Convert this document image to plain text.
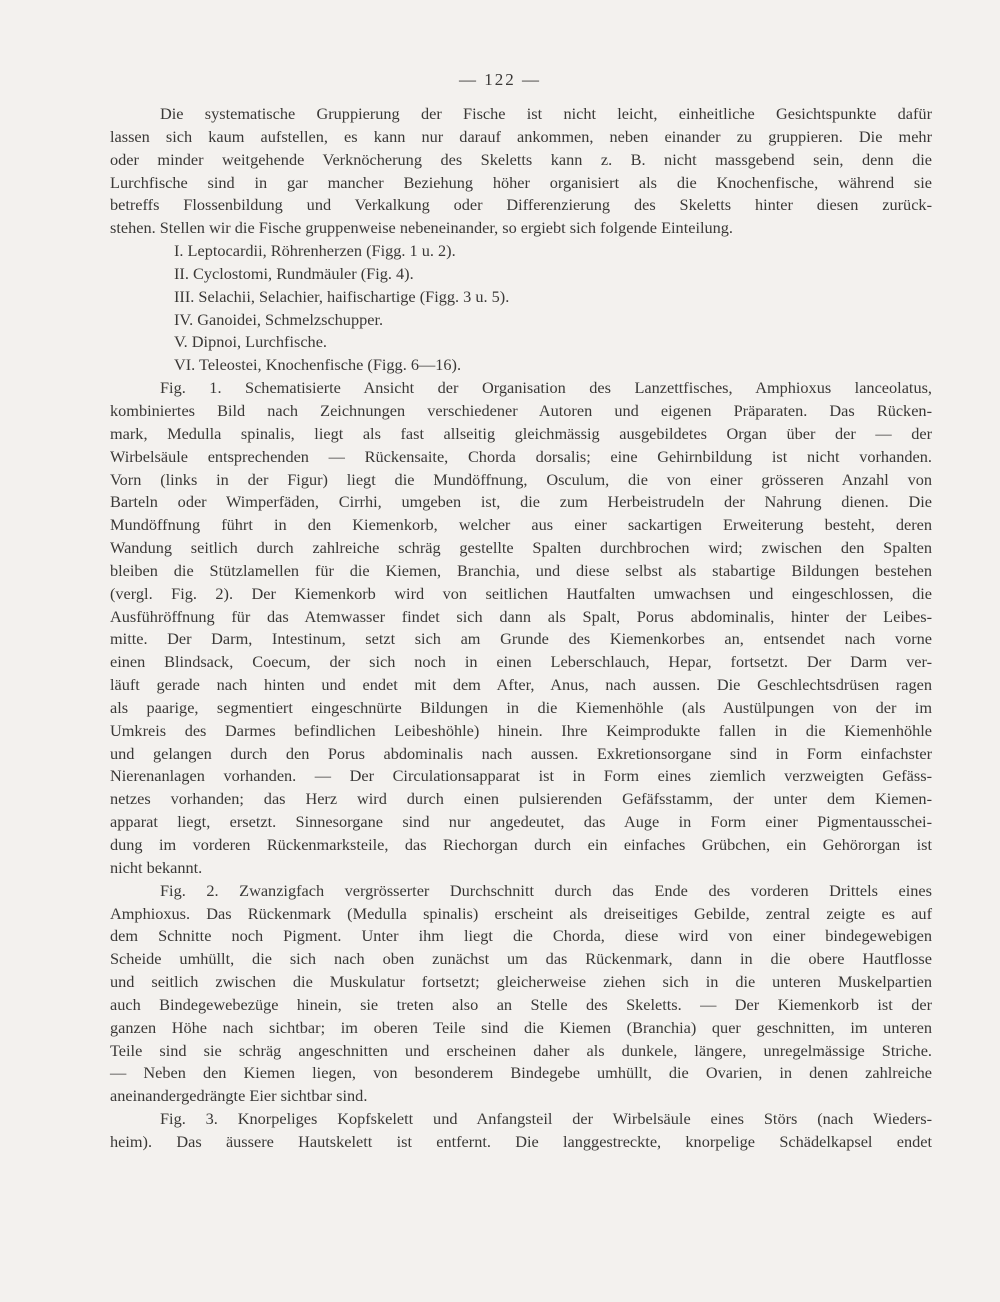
— 122 —
Die systematische Gruppierung der Fische ist nicht leicht, einheitliche Gesichtspunkte dafür
lassen sich kaum aufstellen, es kann nur darauf ankommen, neben einander zu gruppieren. Die mehr
oder minder weitgehende Verknöcherung des Skeletts kann z. B. nicht massgebend sein, denn die
Lurchfische sind in gar mancher Beziehung höher organisiert als die Knochenfische, während sie
betreffs Flossenbildung und Verkalkung oder Differenzierung des Skeletts hinter diesen zurück-
stehen. Stellen wir die Fische gruppenweise nebeneinander, so ergiebt sich folgende Einteilung.
I. Leptocardii, Röhrenherzen (Figg. 1 u. 2).
II. Cyclostomi, Rundmäuler (Fig. 4).
III. Selachii, Selachier, haifischartige (Figg. 3 u. 5).
IV. Ganoidei, Schmelzschupper.
V. Dipnoi, Lurchfische.
VI. Teleostei, Knochenfische (Figg. 6—16).
Fig. 1. Schematisierte Ansicht der Organisation des Lanzettfisches, Amphioxus lanceolatus,
kombiniertes Bild nach Zeichnungen verschiedener Autoren und eigenen Präparaten. Das Rücken-
mark, Medulla spinalis, liegt als fast allseitig gleichmässig ausgebildetes Organ über der — der
Wirbelsäule entsprechenden — Rückensaite, Chorda dorsalis; eine Gehirnbildung ist nicht vorhanden.
Vorn (links in der Figur) liegt die Mundöffnung, Osculum, die von einer grösseren Anzahl von
Barteln oder Wimperfäden, Cirrhi, umgeben ist, die zum Herbeistrudeln der Nahrung dienen. Die
Mundöffnung führt in den Kiemenkorb, welcher aus einer sackartigen Erweiterung besteht, deren
Wandung seitlich durch zahlreiche schräg gestellte Spalten durchbrochen wird; zwischen den Spalten
bleiben die Stützlamellen für die Kiemen, Branchia, und diese selbst als stabartige Bildungen bestehen
(vergl. Fig. 2). Der Kiemenkorb wird von seitlichen Hautfalten umwachsen und eingeschlossen, die
Ausführöffnung für das Atemwasser findet sich dann als Spalt, Porus abdominalis, hinter der Leibes-
mitte. Der Darm, Intestinum, setzt sich am Grunde des Kiemenkorbes an, entsendet nach vorne
einen Blindsack, Coecum, der sich noch in einen Leberschlauch, Hepar, fortsetzt. Der Darm ver-
läuft gerade nach hinten und endet mit dem After, Anus, nach aussen. Die Geschlechtsdrüsen ragen
als paarige, segmentiert eingeschnürte Bildungen in die Kiemenhöhle (als Austülpungen von der im
Umkreis des Darmes befindlichen Leibeshöhle) hinein. Ihre Keimprodukte fallen in die Kiemenhöhle
und gelangen durch den Porus abdominalis nach aussen. Exkretionsorgane sind in Form einfachster
Nierenanlagen vorhanden. — Der Circulationsapparat ist in Form eines ziemlich verzweigten Gefäss-
netzes vorhanden; das Herz wird durch einen pulsierenden Gefäfsstamm, der unter dem Kiemen-
apparat liegt, ersetzt. Sinnesorgane sind nur angedeutet, das Auge in Form einer Pigmentausschei-
dung im vorderen Rückenmarksteile, das Riechorgan durch ein einfaches Grübchen, ein Gehörorgan ist
nicht bekannt.
Fig. 2. Zwanzigfach vergrösserter Durchschnitt durch das Ende des vorderen Drittels eines
Amphioxus. Das Rückenmark (Medulla spinalis) erscheint als dreiseitiges Gebilde, zentral zeigte es auf
dem Schnitte noch Pigment. Unter ihm liegt die Chorda, diese wird von einer bindegewebigen
Scheide umhüllt, die sich nach oben zunächst um das Rückenmark, dann in die obere Hautflosse
und seitlich zwischen die Muskulatur fortsetzt; gleicherweise ziehen sich in die unteren Muskelpartien
auch Bindegewebezüge hinein, sie treten also an Stelle des Skeletts. — Der Kiemenkorb ist der
ganzen Höhe nach sichtbar; im oberen Teile sind die Kiemen (Branchia) quer geschnitten, im unteren
Teile sind sie schräg angeschnitten und erscheinen daher als dunkele, längere, unregelmässige Striche.
— Neben den Kiemen liegen, von besonderem Bindegebe umhüllt, die Ovarien, in denen zahlreiche
aneinandergedrängte Eier sichtbar sind.
Fig. 3. Knorpeliges Kopfskelett und Anfangsteil der Wirbelsäule eines Störs (nach Wieders-
heim). Das äussere Hautskelett ist entfernt. Die langgestreckte, knorpelige Schädelkapsel endet
